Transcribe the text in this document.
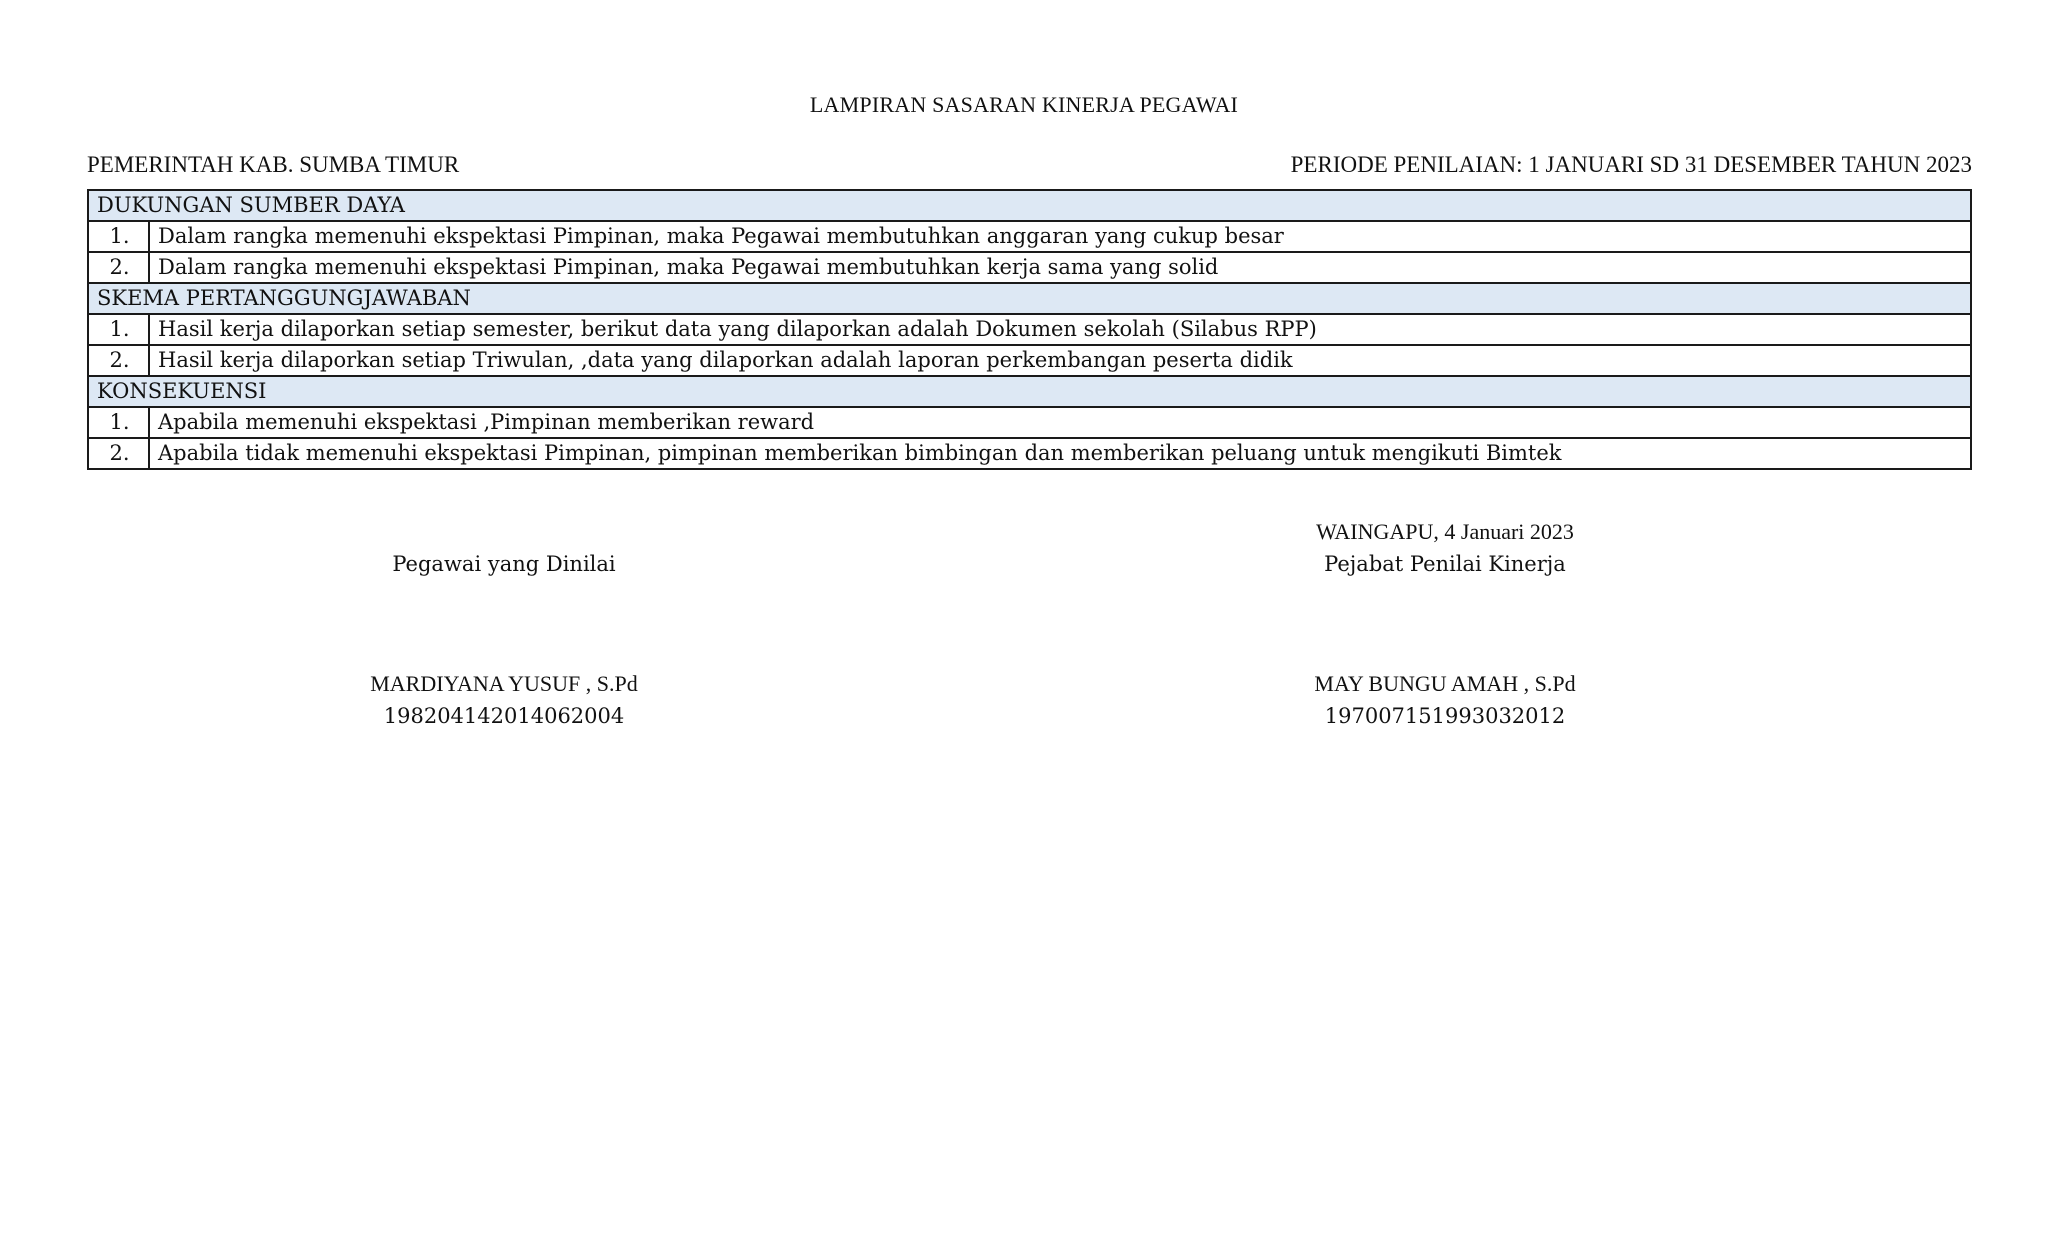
LAMPIRAN SASARAN KINERJA PEGAWAI
PEMERINTAH KAB. SUMBA TIMUR	PERIODE PENILAIAN: 1 JANUARI SD 31 DESEMBER TAHUN 2023
DUKUNGAN SUMBER DAYA	
1.	Dalam rangka memenuhi ekspektasi Pimpinan, maka Pegawai membutuhkan anggaran yang cukup besar
2.	Dalam rangka memenuhi ekspektasi Pimpinan, maka Pegawai membutuhkan kerja sama yang solid
SKEMA PERTANGGUNGJAWABAN	
1.	Hasil kerja dilaporkan setiap semester, berikut data yang dilaporkan adalah Dokumen sekolah (Silabus RPP)
2.	Hasil kerja dilaporkan setiap Triwulan, ,data yang dilaporkan adalah laporan perkembangan peserta didik
KONSEKUENSI	
1.	Apabila memenuhi ekspektasi ,Pimpinan memberikan reward
2.	Apabila tidak memenuhi ekspektasi Pimpinan, pimpinan memberikan bimbingan dan memberikan peluang untuk mengikuti Bimtek
Pegawai yang Dinilai
MARDIYANA YUSUF , S.Pd
198204142014062004
WAINGAPU, 4 Januari 2023
Pejabat Penilai Kinerja
MAY BUNGU AMAH , S.Pd
197007151993032012
